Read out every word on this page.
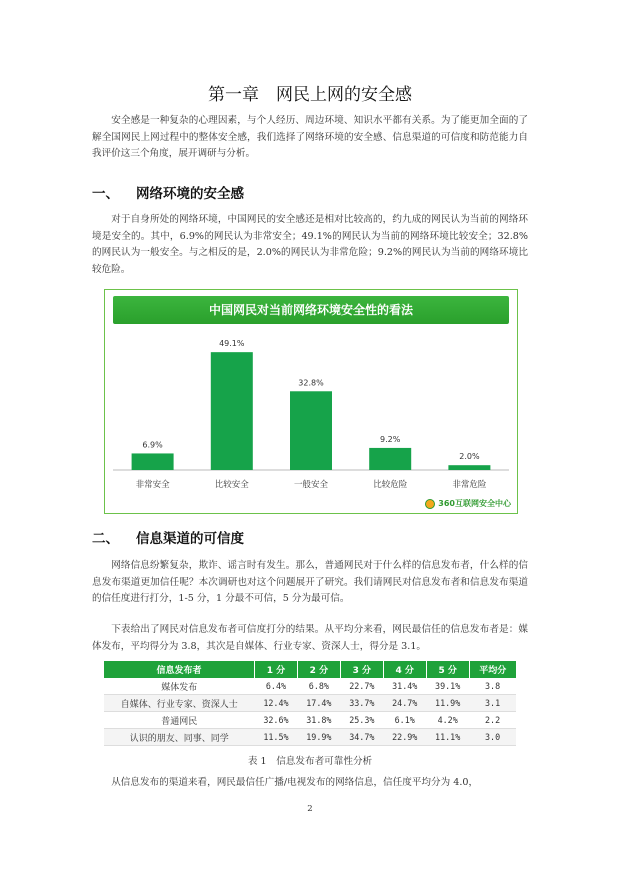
第一章　网民上网的安全感

安全感是一种复杂的心理因素，与个人经历、周边环境、知识水平都有关系。为了能更加全面的了解全国网民上网过程中的整体安全感，我们选择了网络环境的安全感、信息渠道的可信度和防范能力自我评价这三个角度，展开调研与分析。

一、 网络环境的安全感

对于自身所处的网络环境，中国网民的安全感还是相对比较高的，约九成的网民认为当前的网络环境是安全的。其中，6.9%的网民认为非常安全；49.1%的网民认为当前的网络环境比较安全；32.8%的网民认为一般安全。与之相反的是，2.0%的网民认为非常危险；9.2%的网民认为当前的网络环境比较危险。

中国网民对当前网络环境安全性的看法
6.9%
非常安全
49.1%
比较安全
32.8%
一般安全
9.2%
比较危险
2.0%
非常危险
360互联网安全中心
二、 信息渠道的可信度

网络信息纷繁复杂，欺诈、谣言时有发生。那么，普通网民对于什么样的信息发布者，什么样的信息发布渠道更加信任呢？本次调研也对这个问题展开了研究。我们请网民对信息发布者和信息发布渠道的信任度进行打分，1-5 分，1 分最不可信，5 分为最可信。

下表给出了网民对信息发布者可信度打分的结果。从平均分来看，网民最信任的信息发布者是：媒体发布，平均得分为 3.8，其次是自媒体、行业专家、资深人士，得分是 3.1。

信息发布者	1 分	2 分	3 分	4 分	5 分	平均分
媒体发布	6.4%	6.8%	22.7%	31.4%	39.1%	3.8
自媒体、行业专家、资深人士	12.4%	17.4%	33.7%	24.7%	11.9%	3.1
普通网民	32.6%	31.8%	25.3%	6.1%	4.2%	2.2
认识的朋友、同事、同学	11.5%	19.9%	34.7%	22.9%	11.1%	3.0
表 1　信息发布者可靠性分析

从信息发布的渠道来看，网民最信任广播/电视发布的网络信息，信任度平均分为 4.0，

2
